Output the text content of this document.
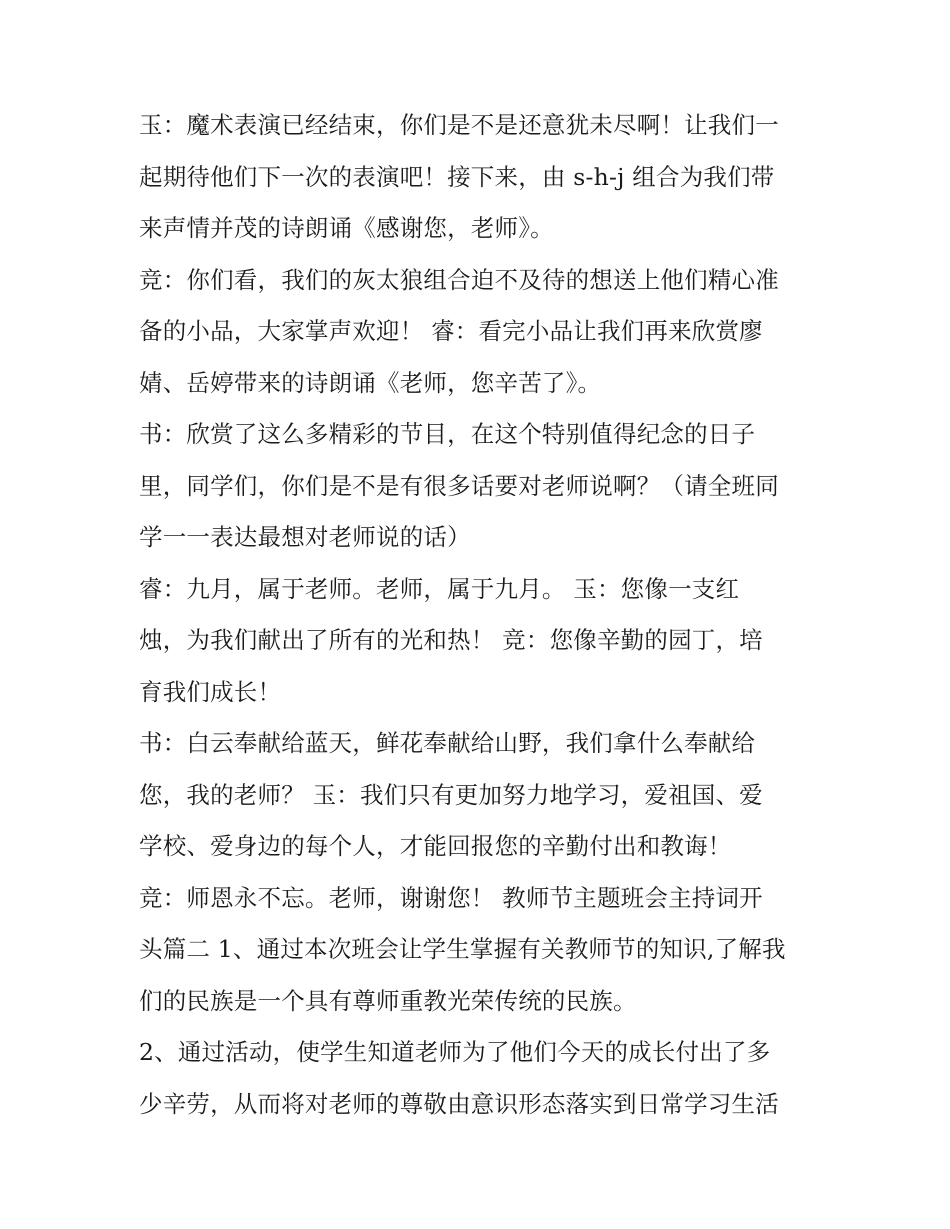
玉：魔术表演已经结束，你们是不是还意犹未尽啊！让我们一
起期待他们下一次的表演吧！接下来，由 s-h-j 组合为我们带
来声情并茂的诗朗诵《感谢您，老师》。
竞：你们看，我们的灰太狼组合迫不及待的想送上他们精心准
备的小品，大家掌声欢迎！ 睿：看完小品让我们再来欣赏廖
婧、岳婷带来的诗朗诵《老师，您辛苦了》。
书：欣赏了这么多精彩的节目，在这个特别值得纪念的日子
里，同学们，你们是不是有很多话要对老师说啊？（请全班同
学一一表达最想对老师说的话）
睿：九月，属于老师。老师，属于九月。 玉：您像一支红
烛，为我们献出了所有的光和热！ 竞：您像辛勤的园丁，培
育我们成长！
书：白云奉献给蓝天，鲜花奉献给山野，我们拿什么奉献给
您，我的老师？ 玉：我们只有更加努力地学习，爱祖国、爱
学校、爱身边的每个人，才能回报您的辛勤付出和教诲！
竞：师恩永不忘。老师，谢谢您！ 教师节主题班会主持词开
头篇二 1、通过本次班会让学生掌握有关教师节的知识,了解我
们的民族是一个具有尊师重教光荣传统的民族。
2、通过活动，使学生知道老师为了他们今天的成长付出了多
少辛劳，从而将对老师的尊敬由意识形态落实到日常学习生活
